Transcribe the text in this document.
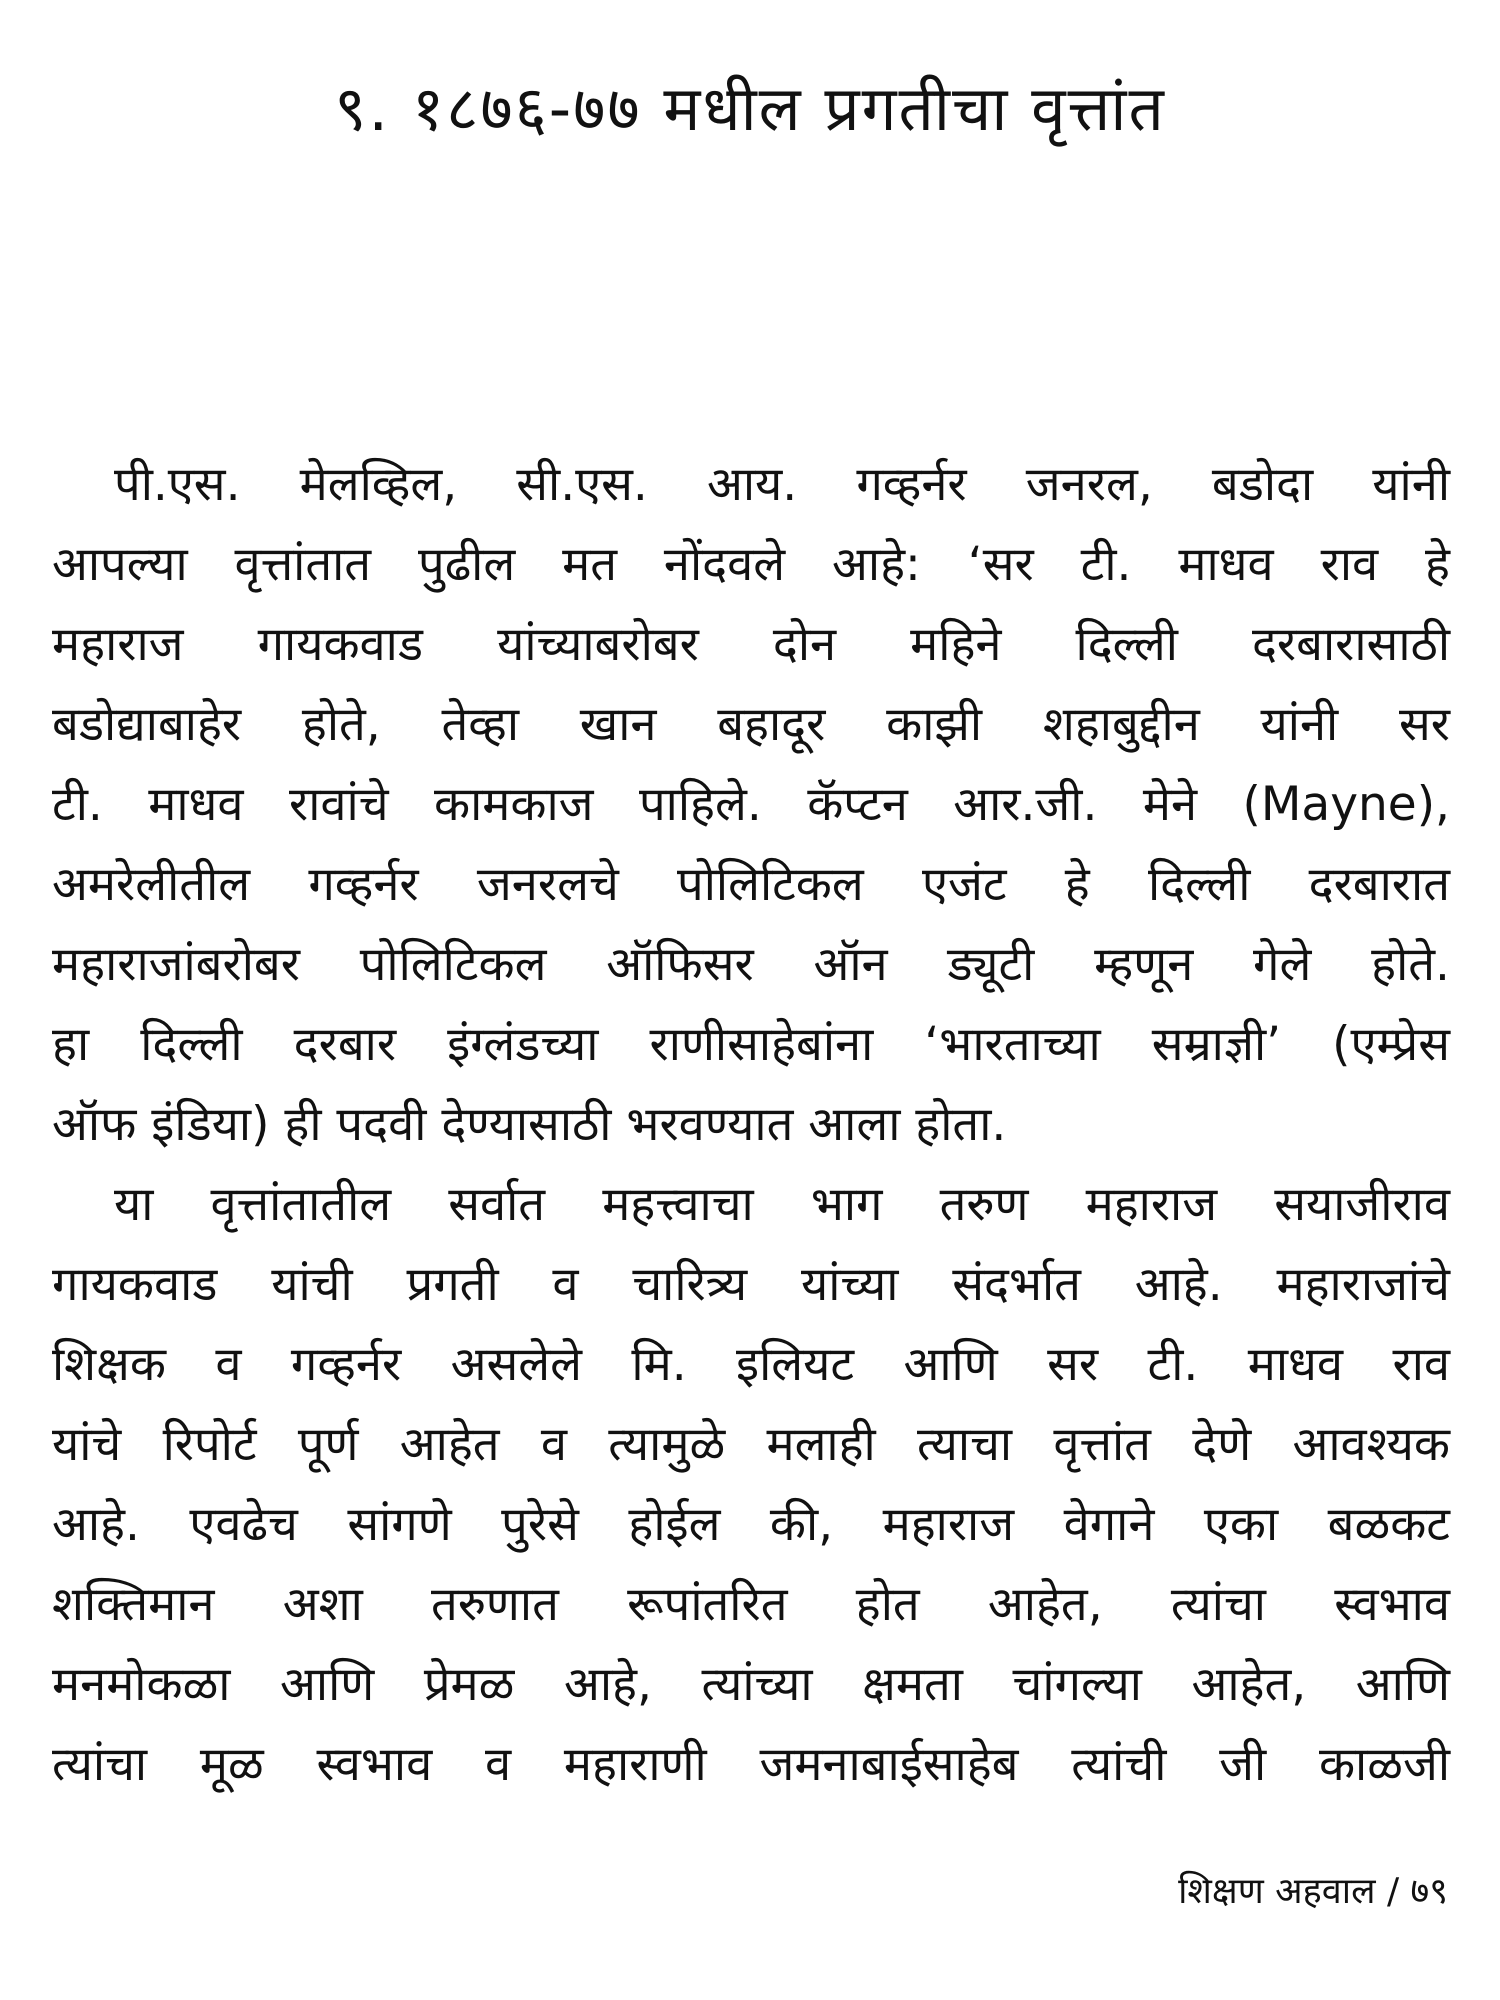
९. १८७६-७७ मधील प्रगतीचा वृत्तांत
पी.एस. मेलव्हिल, सी.एस. आय. गव्हर्नर जनरल, बडोदा यांनी
आपल्या वृत्तांतात पुढील मत नोंदवले आहे: ‘सर टी. माधव राव हे
महाराज गायकवाड यांच्याबरोबर दोन महिने दिल्ली दरबारासाठी
बडोद्याबाहेर होते, तेव्हा खान बहादूर काझी शहाबुद्दीन यांनी सर
टी. माधव रावांचे कामकाज पाहिले. कॅप्टन आर.जी. मेने (Mayne),
अमरेलीतील गव्हर्नर जनरलचे पोलिटिकल एजंट हे दिल्ली दरबारात
महाराजांबरोबर पोलिटिकल ऑफिसर ऑन ड्यूटी म्हणून गेले होते.
हा दिल्ली दरबार इंग्लंडच्या राणीसाहेबांना ‘भारताच्या सम्राज्ञी’ (एम्प्रेस
ऑफ इंडिया) ही पदवी देण्यासाठी भरवण्यात आला होता.
या वृत्तांतातील सर्वात महत्त्वाचा भाग तरुण महाराज सयाजीराव
गायकवाड यांची प्रगती व चारित्र्य यांच्या संदर्भात आहे. महाराजांचे
शिक्षक व गव्हर्नर असलेले मि. इलियट आणि सर टी. माधव राव
यांचे रिपोर्ट पूर्ण आहेत व त्यामुळे मलाही त्याचा वृत्तांत देणे आवश्यक
आहे. एवढेच सांगणे पुरेसे होईल की, महाराज वेगाने एका बळकट
शक्तिमान अशा तरुणात रूपांतरित होत आहेत, त्यांचा स्वभाव
मनमोकळा आणि प्रेमळ आहे, त्यांच्या क्षमता चांगल्या आहेत, आणि
त्यांचा मूळ स्वभाव व महाराणी जमनाबाईसाहेब त्यांची जी काळजी
शिक्षण अहवाल / ७९
